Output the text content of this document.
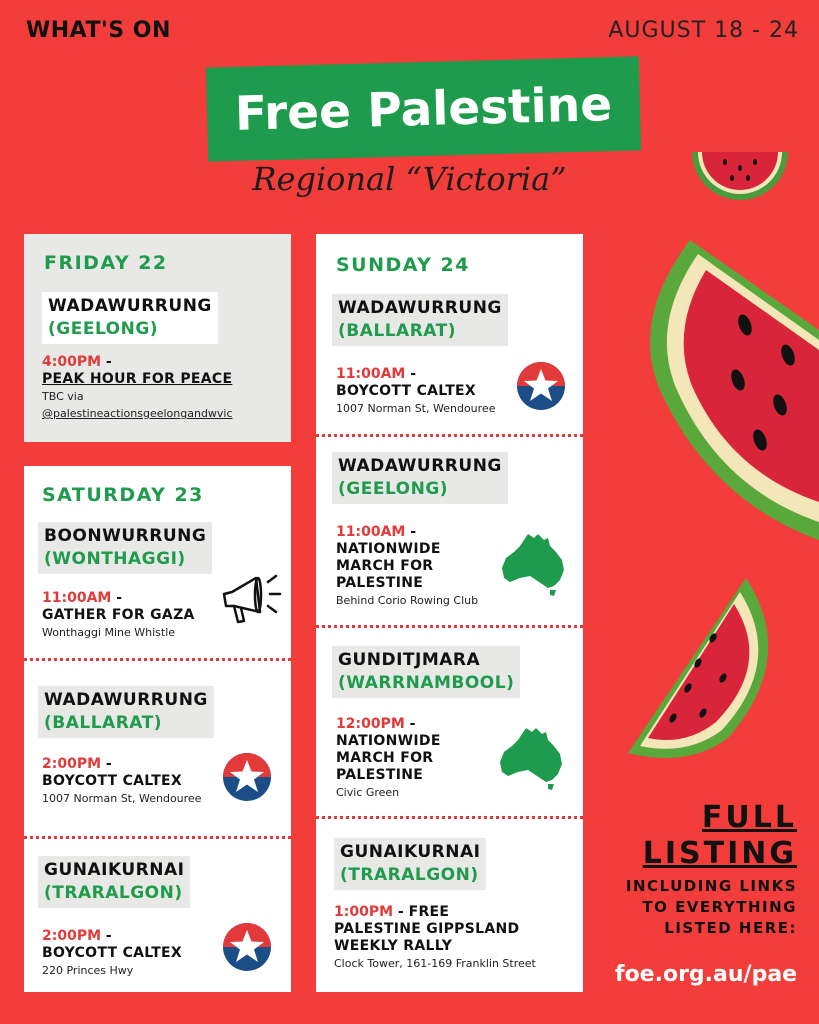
WHAT'S ON	AUGUST 18 - 24
Free Palestine
Regional “Victoria”
FRIDAY 22
WADAWURRUNG
(GEELONG)
4:00PM -
PEAK HOUR FOR PEACE
TBC via
@palestineactionsgeelongandwvic
SATURDAY 23
BOONWURRUNG
(WONTHAGGI)
11:00AM -
GATHER FOR GAZA
Wonthaggi Mine Whistle
WADAWURRUNG
(BALLARAT)
2:00PM -
BOYCOTT CALTEX
1007 Norman St, Wendouree
GUNAIKURNAI
(TRARALGON)
2:00PM -
BOYCOTT CALTEX
220 Princes Hwy
SUNDAY 24
WADAWURRUNG
(BALLARAT)
11:00AM -
BOYCOTT CALTEX
1007 Norman St, Wendouree
WADAWURRUNG
(GEELONG)
11:00AM -
NATIONWIDE
MARCH FOR
PALESTINE
Behind Corio Rowing Club
GUNDITJMARA
(WARRNAMBOOL)
12:00PM -
NATIONWIDE
MARCH FOR
PALESTINE
Civic Green
GUNAIKURNAI
(TRARALGON)
1:00PM - FREE
PALESTINE GIPPSLAND
WEEKLY RALLY
Clock Tower, 161-169 Franklin Street
FULL
LISTING
INCLUDING LINKS
TO EVERYTHING
LISTED HERE:
foe.org.au/pae
